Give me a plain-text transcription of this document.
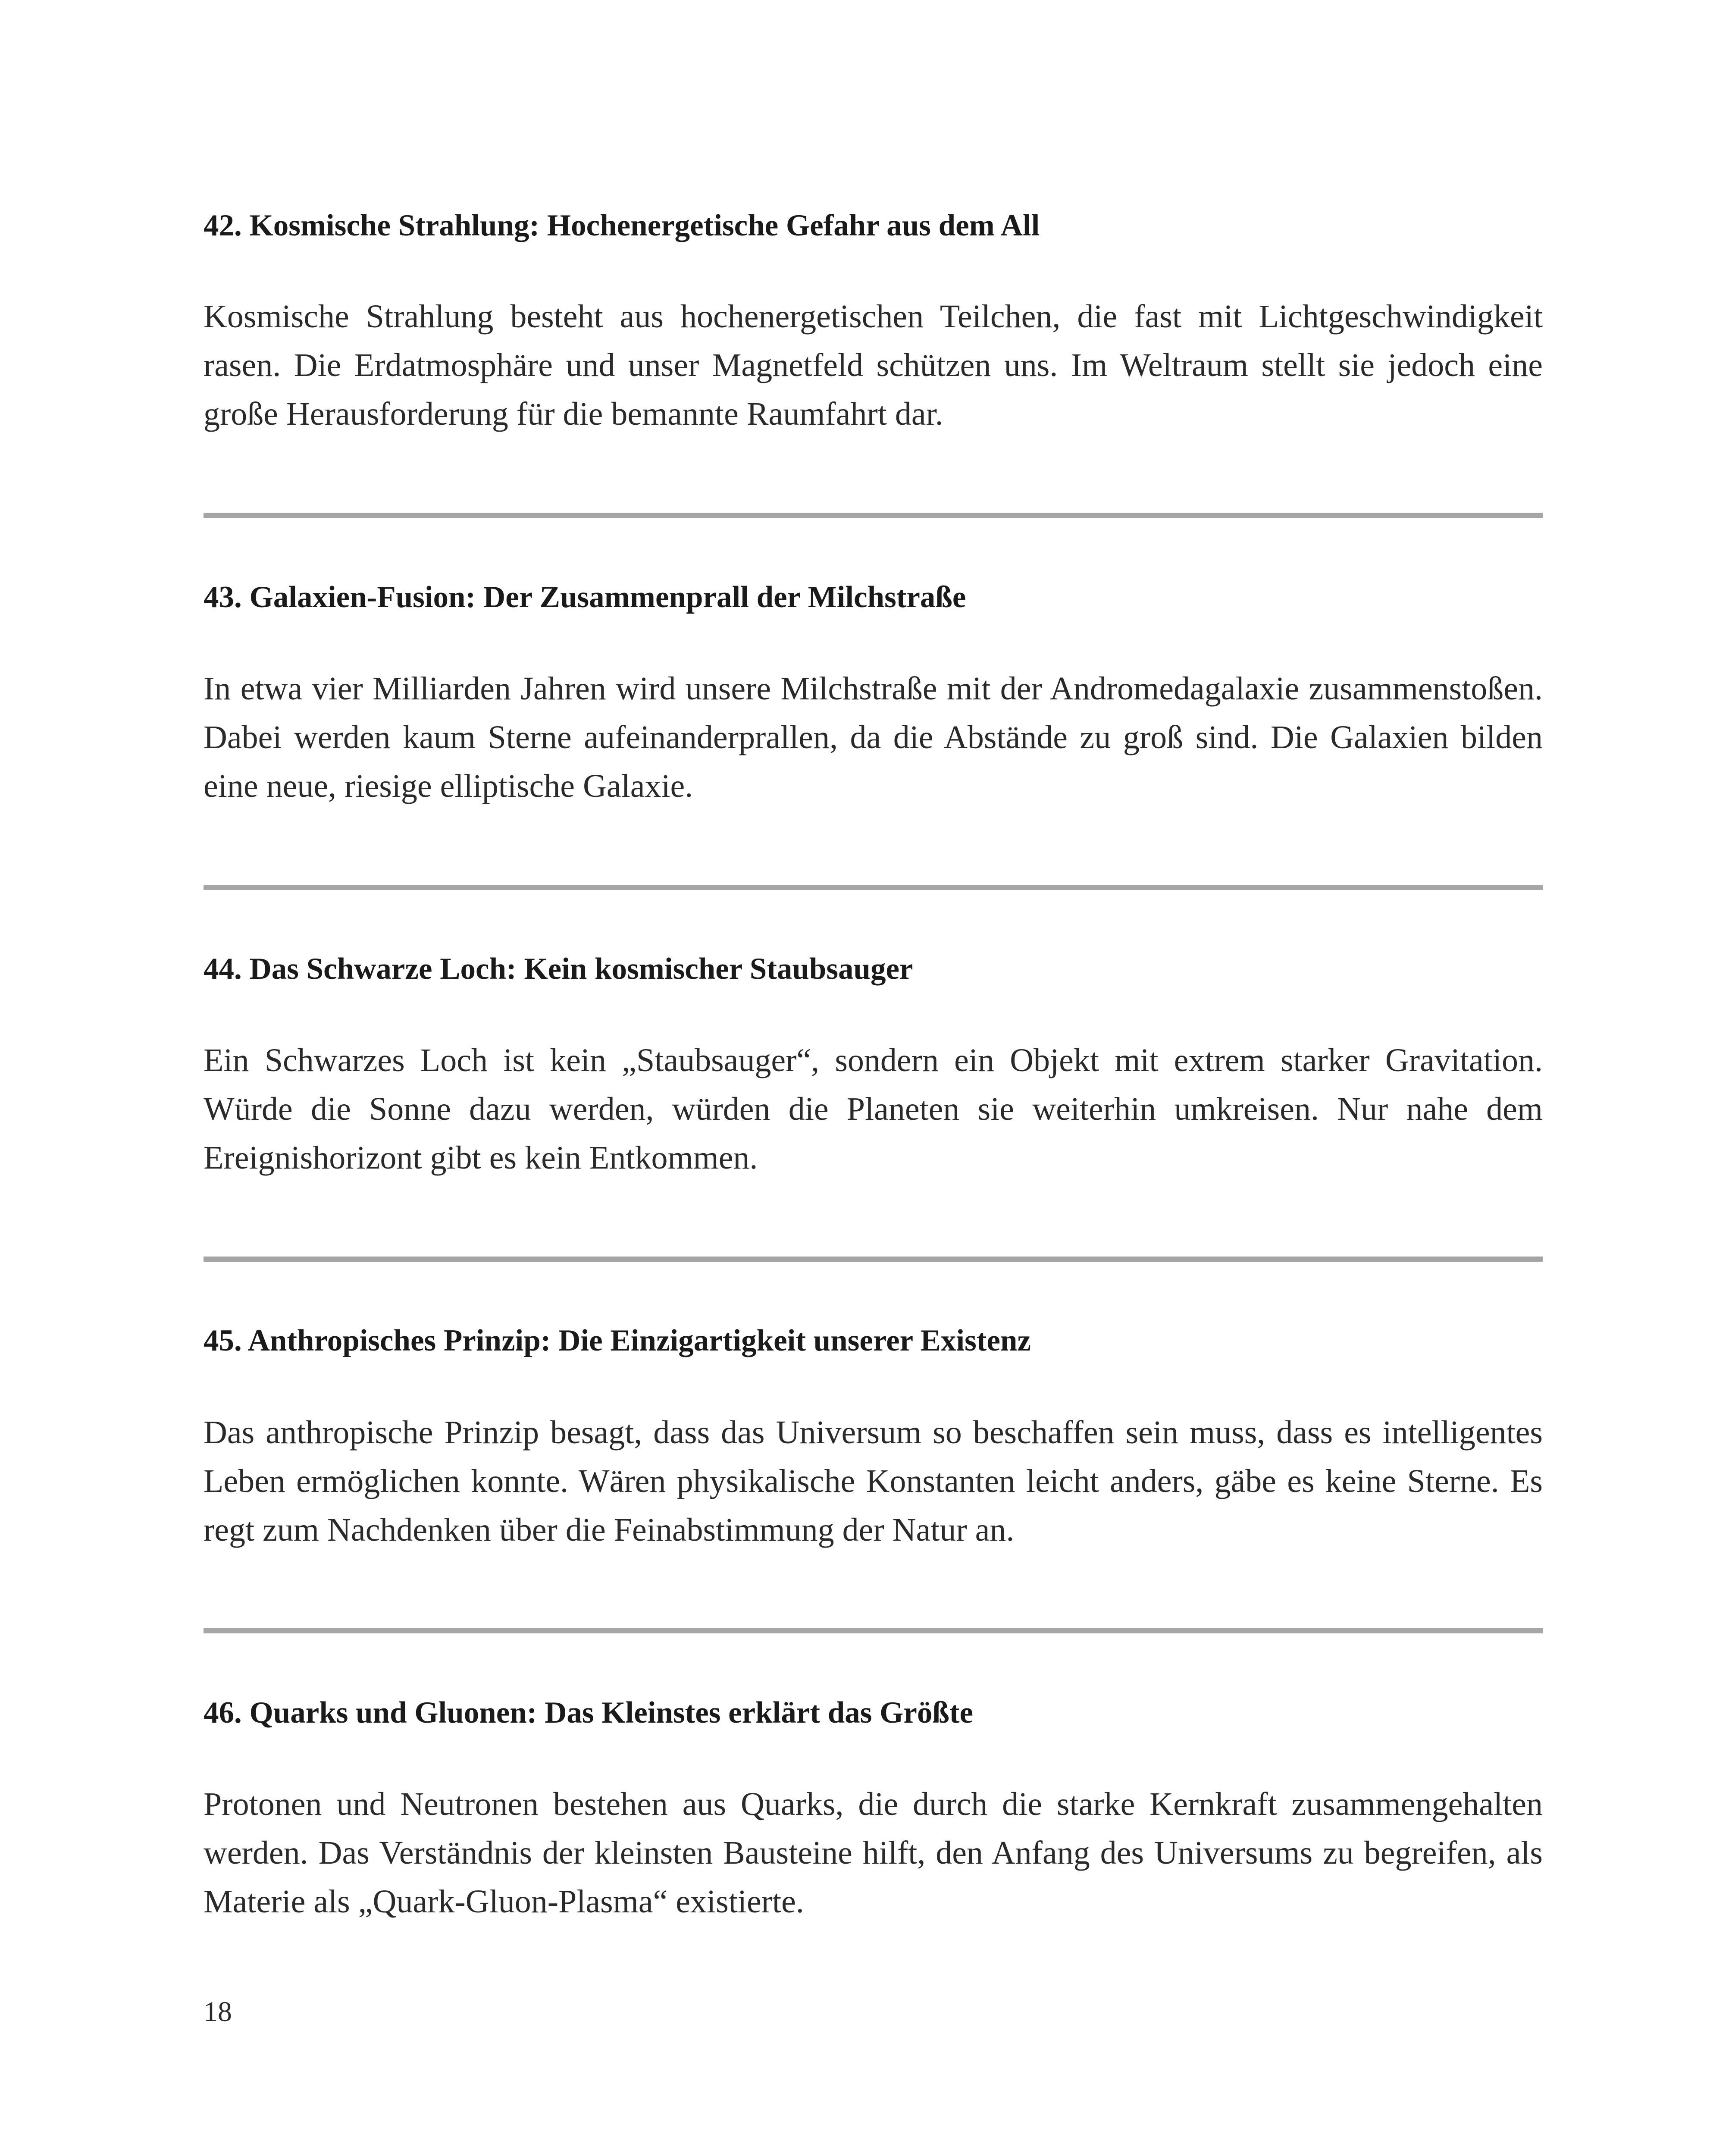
42. Kosmische Strahlung: Hochenergetische Gefahr aus dem All

Kosmische Strahlung besteht aus hochenergetischen Teilchen, die fast mit Lichtgeschwindigkeit rasen. Die Erdatmosphäre und unser Magnetfeld schützen uns. Im Weltraum stellt sie jedoch eine große Herausforderung für die bemannte Raumfahrt dar.

43. Galaxien-Fusion: Der Zusammenprall der Milchstraße

In etwa vier Milliarden Jahren wird unsere Milchstraße mit der Andromedagalaxie zusammenstoßen. Dabei werden kaum Sterne aufeinanderprallen, da die Abstände zu groß sind. Die Galaxien bilden eine neue, riesige elliptische Galaxie.

44. Das Schwarze Loch: Kein kosmischer Staubsauger

Ein Schwarzes Loch ist kein „Staubsauger“, sondern ein Objekt mit extrem starker Gravitation. Würde die Sonne dazu werden, würden die Planeten sie weiterhin umkreisen. Nur nahe dem Ereignishorizont gibt es kein Entkommen.

45. Anthropisches Prinzip: Die Einzigartigkeit unserer Existenz

Das anthropische Prinzip besagt, dass das Universum so beschaffen sein muss, dass es intelligentes Leben ermöglichen konnte. Wären physikalische Konstanten leicht anders, gäbe es keine Sterne. Es regt zum Nachdenken über die Feinabstimmung der Natur an.

46. Quarks und Gluonen: Das Kleinstes erklärt das Größte

Protonen und Neutronen bestehen aus Quarks, die durch die starke Kernkraft zusammengehalten werden. Das Verständnis der kleinsten Bausteine hilft, den Anfang des Universums zu begreifen, als Materie als „Quark-Gluon-Plasma“ existierte.

18
